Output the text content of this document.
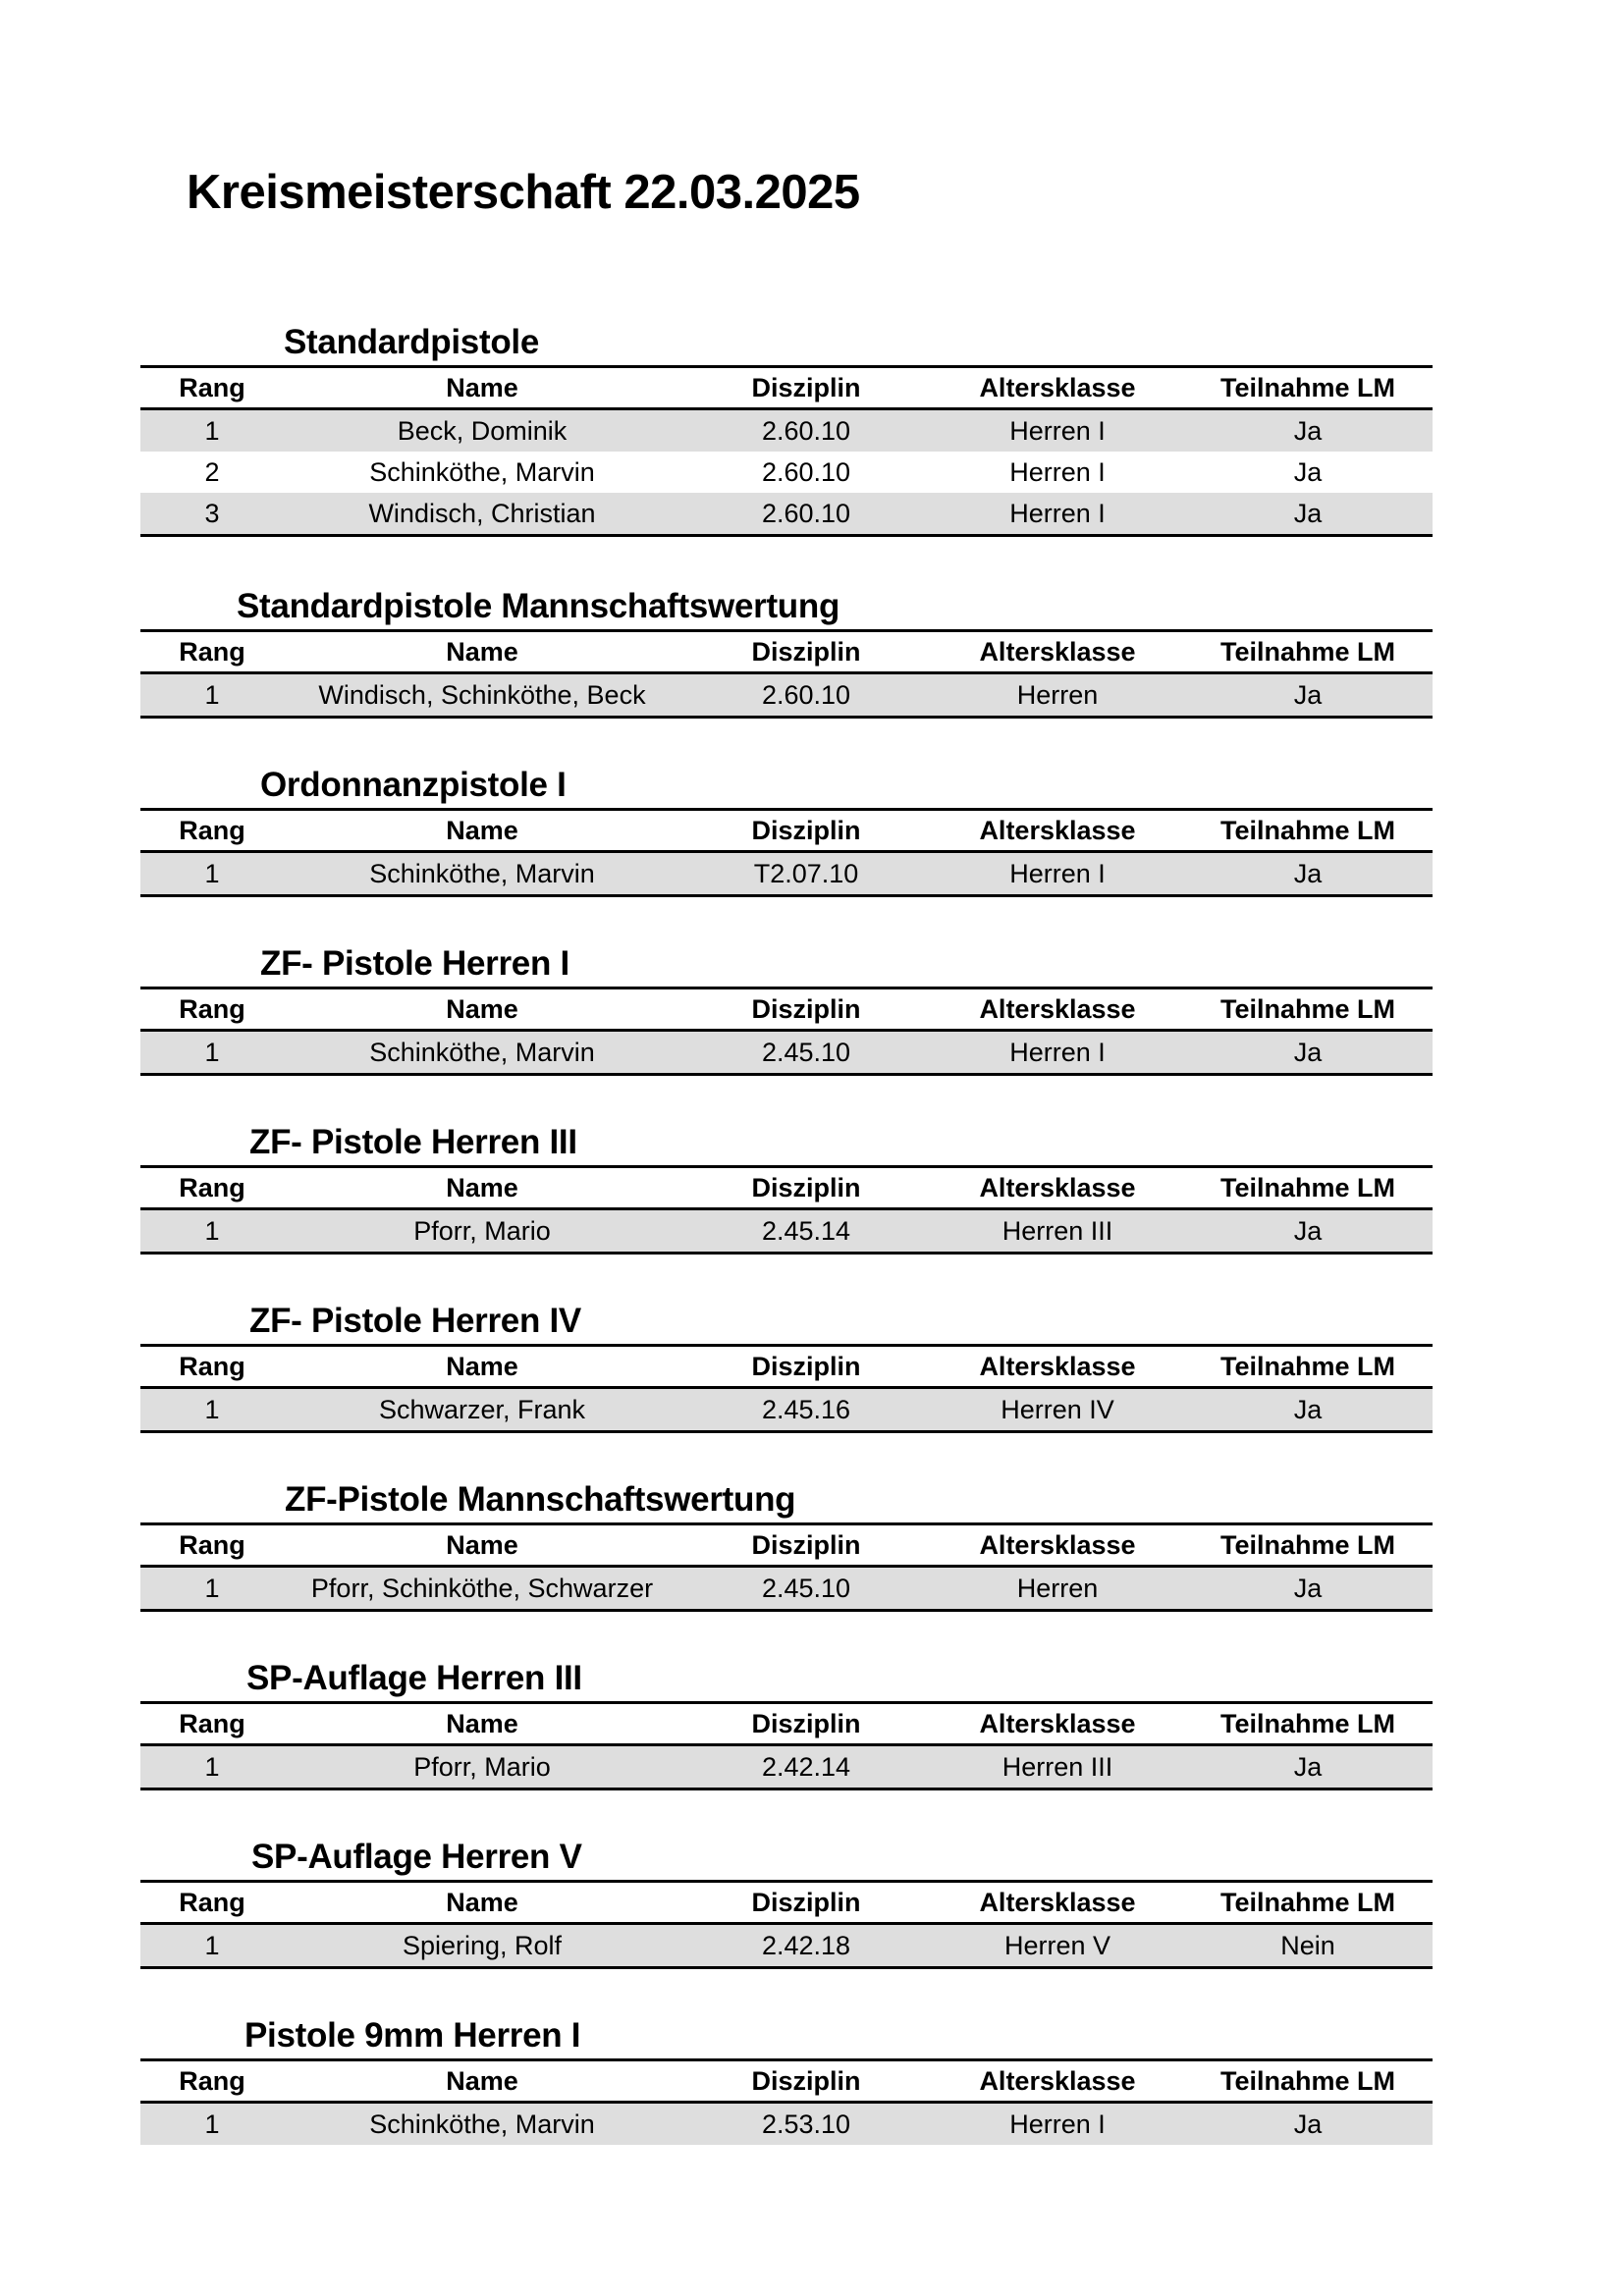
Kreismeisterschaft 22.03.2025
Standardpistole
Rang	Name	Disziplin	Altersklasse	Teilnahme LM
1	Beck, Dominik	2.60.10	Herren I	Ja
2	Schinköthe, Marvin	2.60.10	Herren I	Ja
3	Windisch, Christian	2.60.10	Herren I	Ja
Standardpistole Mannschaftswertung
Rang	Name	Disziplin	Altersklasse	Teilnahme LM
1	Windisch, Schinköthe, Beck	2.60.10	Herren	Ja
Ordonnanzpistole I
Rang	Name	Disziplin	Altersklasse	Teilnahme LM
1	Schinköthe, Marvin	T2.07.10	Herren I	Ja
ZF- Pistole Herren I
Rang	Name	Disziplin	Altersklasse	Teilnahme LM
1	Schinköthe, Marvin	2.45.10	Herren I	Ja
ZF- Pistole Herren III
Rang	Name	Disziplin	Altersklasse	Teilnahme LM
1	Pforr, Mario	2.45.14	Herren III	Ja
ZF- Pistole Herren IV
Rang	Name	Disziplin	Altersklasse	Teilnahme LM
1	Schwarzer, Frank	2.45.16	Herren IV	Ja
ZF-Pistole Mannschaftswertung
Rang	Name	Disziplin	Altersklasse	Teilnahme LM
1	Pforr, Schinköthe, Schwarzer	2.45.10	Herren	Ja
SP-Auflage Herren III
Rang	Name	Disziplin	Altersklasse	Teilnahme LM
1	Pforr, Mario	2.42.14	Herren III	Ja
SP-Auflage Herren V
Rang	Name	Disziplin	Altersklasse	Teilnahme LM
1	Spiering, Rolf	2.42.18	Herren V	Nein
Pistole 9mm Herren I
Rang	Name	Disziplin	Altersklasse	Teilnahme LM
1	Schinköthe, Marvin	2.53.10	Herren I	Ja
